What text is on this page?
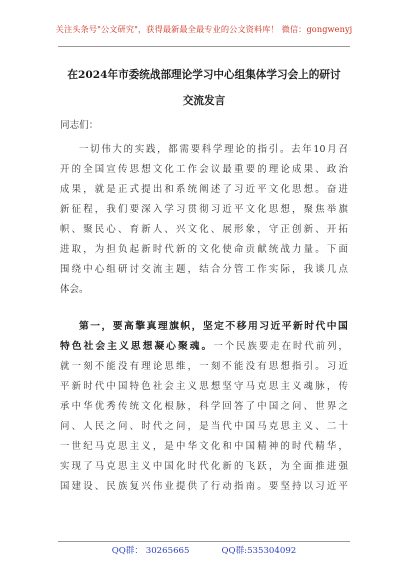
关注头条号"公文研究"，获得最新最全最专业的公文资料库！ 微信：gongwenyj
在2024年市委统战部理论学习中心组集体学习会上的研讨
交流发言
同志们：
一切伟大的实践，都需要科学理论的指引。去年10月召
开的全国宣传思想文化工作会议最重要的理论成果、政治
成果，就是正式提出和系统阐述了习近平文化思想。奋进
新征程，我们要深入学习贯彻习近平文化思想，聚焦举旗
帜、聚民心、育新人、兴文化、展形象，守正创新、开拓
进取，为担负起新时代新的文化使命贡献统战力量。下面
围绕中心组研讨交流主题，结合分管工作实际，我谈几点
体会。
第一，要高擎真理旗帜，坚定不移用习近平新时代中国
特色社会主义思想凝心聚魂。一个民族要走在时代前列，
就一刻不能没有理论思维，一刻不能没有思想指引。习近
平新时代中国特色社会主义思想坚守马克思主义魂脉，传
承中华优秀传统文化根脉，科学回答了中国之问、世界之
问、人民之问、时代之问，是当代中国马克思主义、二十
一世纪马克思主义，是中华文化和中国精神的时代精华，
实现了马克思主义中国化时代化新的飞跃，为全面推进强
国建设、民族复兴伟业提供了行动指南。要坚持以习近平
QQ群： 30265665	QQ群:535304092
